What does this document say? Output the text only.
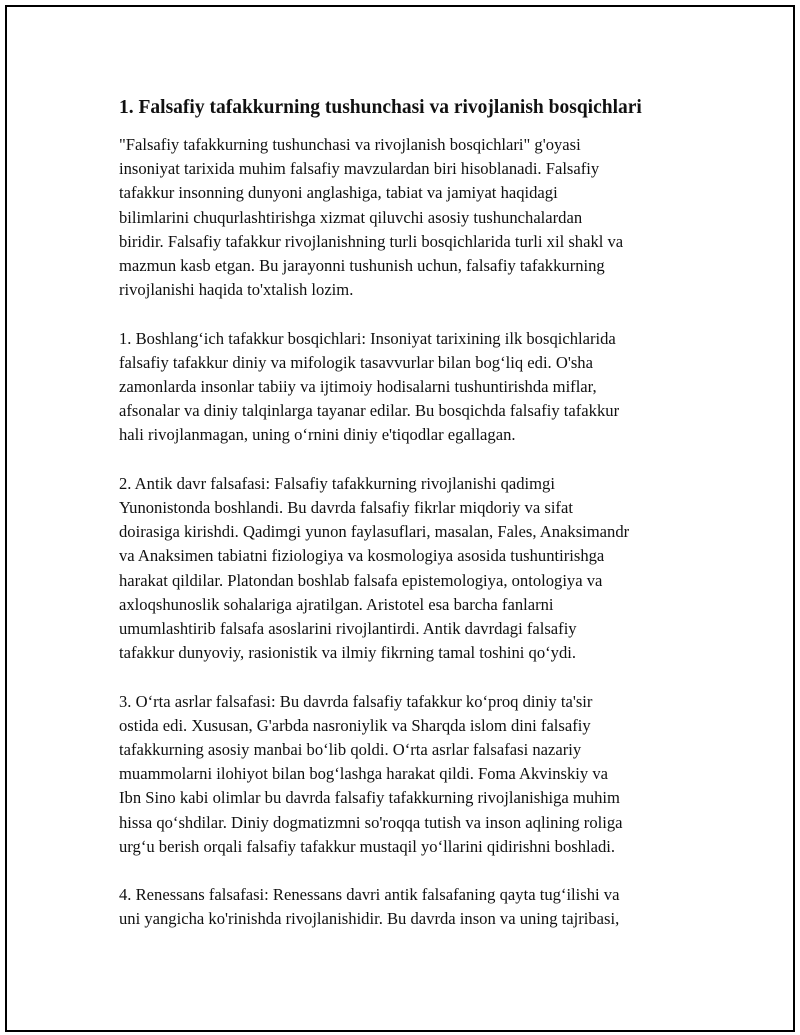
1. Falsafiy tafakkurning tushunchasi va rivojlanish bosqichlari

"Falsafiy tafakkurning tushunchasi va rivojlanish bosqichlari" g'oyasi
insoniyat tarixida muhim falsafiy mavzulardan biri hisoblanadi. Falsafiy
tafakkur insonning dunyoni anglashiga, tabiat va jamiyat haqidagi
bilimlarini chuqurlashtirishga xizmat qiluvchi asosiy tushunchalardan
biridir. Falsafiy tafakkur rivojlanishning turli bosqichlarida turli xil shakl va
mazmun kasb etgan. Bu jarayonni tushunish uchun, falsafiy tafakkurning
rivojlanishi haqida to'xtalish lozim.

1. Boshlang‘ich tafakkur bosqichlari: Insoniyat tarixining ilk bosqichlarida
falsafiy tafakkur diniy va mifologik tasavvurlar bilan bog‘liq edi. O'sha
zamonlarda insonlar tabiiy va ijtimoiy hodisalarni tushuntirishda miflar,
afsonalar va diniy talqinlarga tayanar edilar. Bu bosqichda falsafiy tafakkur
hali rivojlanmagan, uning o‘rnini diniy e'tiqodlar egallagan.

2. Antik davr falsafasi: Falsafiy tafakkurning rivojlanishi qadimgi
Yunonistonda boshlandi. Bu davrda falsafiy fikrlar miqdoriy va sifat
doirasiga kirishdi. Qadimgi yunon faylasuflari, masalan, Fales, Anaksimandr
va Anaksimen tabiatni fiziologiya va kosmologiya asosida tushuntirishga
harakat qildilar. Platondan boshlab falsafa epistemologiya, ontologiya va
axloqshunoslik sohalariga ajratilgan. Aristotel esa barcha fanlarni
umumlashtirib falsafa asoslarini rivojlantirdi. Antik davrdagi falsafiy
tafakkur dunyoviy, rasionistik va ilmiy fikrning tamal toshini qo‘ydi.

3. O‘rta asrlar falsafasi: Bu davrda falsafiy tafakkur ko‘proq diniy ta'sir
ostida edi. Xususan, G'arbda nasroniylik va Sharqda islom dini falsafiy
tafakkurning asosiy manbai bo‘lib qoldi. O‘rta asrlar falsafasi nazariy
muammolarni ilohiyot bilan bog‘lashga harakat qildi. Foma Akvinskiy va
Ibn Sino kabi olimlar bu davrda falsafiy tafakkurning rivojlanishiga muhim
hissa qo‘shdilar. Diniy dogmatizmni so'roqqa tutish va inson aqlining roliga
urg‘u berish orqali falsafiy tafakkur mustaqil yo‘llarini qidirishni boshladi.

4. Renessans falsafasi: Renessans davri antik falsafaning qayta tug‘ilishi va
uni yangicha ko'rinishda rivojlanishidir. Bu davrda inson va uning tajribasi,
